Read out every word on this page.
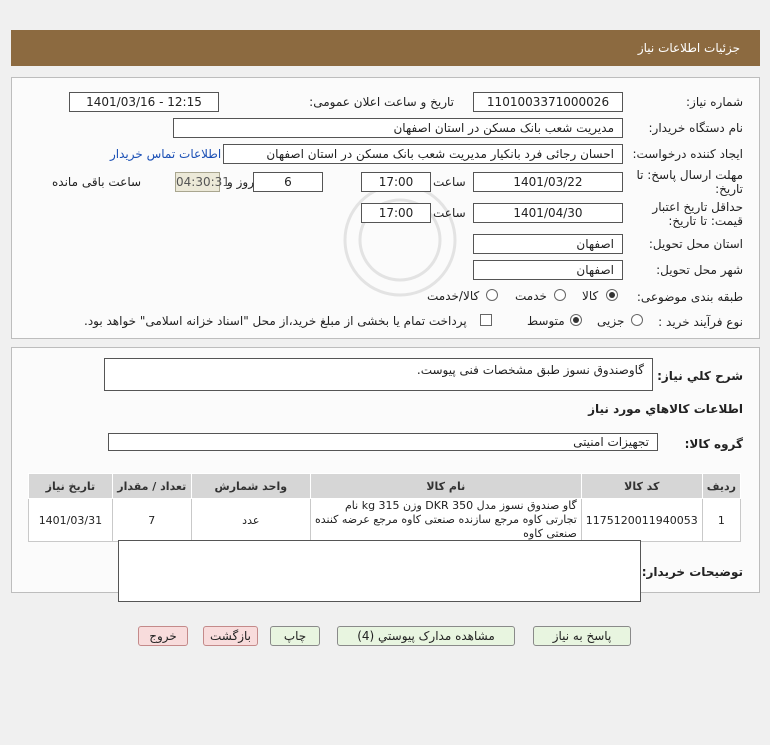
جزئیات اطلاعات نیاز
شماره نیاز:
1101003371000026
تاریخ و ساعت اعلان عمومی:
1401/03/16 - 12:15
نام دستگاه خریدار:
مدیریت شعب بانک مسکن در استان اصفهان
ایجاد کننده درخواست:
احسان رجائی فرد بانکیار مدیریت شعب بانک مسکن در استان اصفهان
اطلاعات تماس خریدار
مهلت ارسال پاسخ: تا
تاریخ:
1401/03/22
ساعت
17:00
6
روز و
04:30:31
ساعت باقی مانده
حداقل تاریخ اعتبار
قیمت: تا تاریخ:
1401/04/30
ساعت
17:00
استان محل تحویل:
اصفهان
شهر محل تحویل:
اصفهان
طبقه بندی موضوعی:
کالا
خدمت
کالا/خدمت
نوع فرآیند خرید :
جزیی
متوسط
پرداخت تمام یا بخشی از مبلغ خرید،از محل "اسناد خزانه اسلامی" خواهد بود.
شرح کلي نياز:
گاوصندوق نسوز طبق مشخصات فنی پیوست.
اطلاعات کالاهاي مورد نياز
گروه کالا:
تجهیزات امنیتی
ردیف	کد کالا	نام کالا	واحد شمارش	تعداد / مقدار	تاریخ نیاز
1	1175120011940053	گاو صندوق نسوز مدل DKR 350 وزن kg 315 نام تجارتی کاوه مرجع سازنده صنعتی کاوه مرجع عرضه کننده صنعتی کاوه	عدد	7	1401/03/31
توضیحات خریدار:
پاسخ به نیاز
مشاهده مدارک پیوستي (4)
چاپ
بازگشت
خروج
